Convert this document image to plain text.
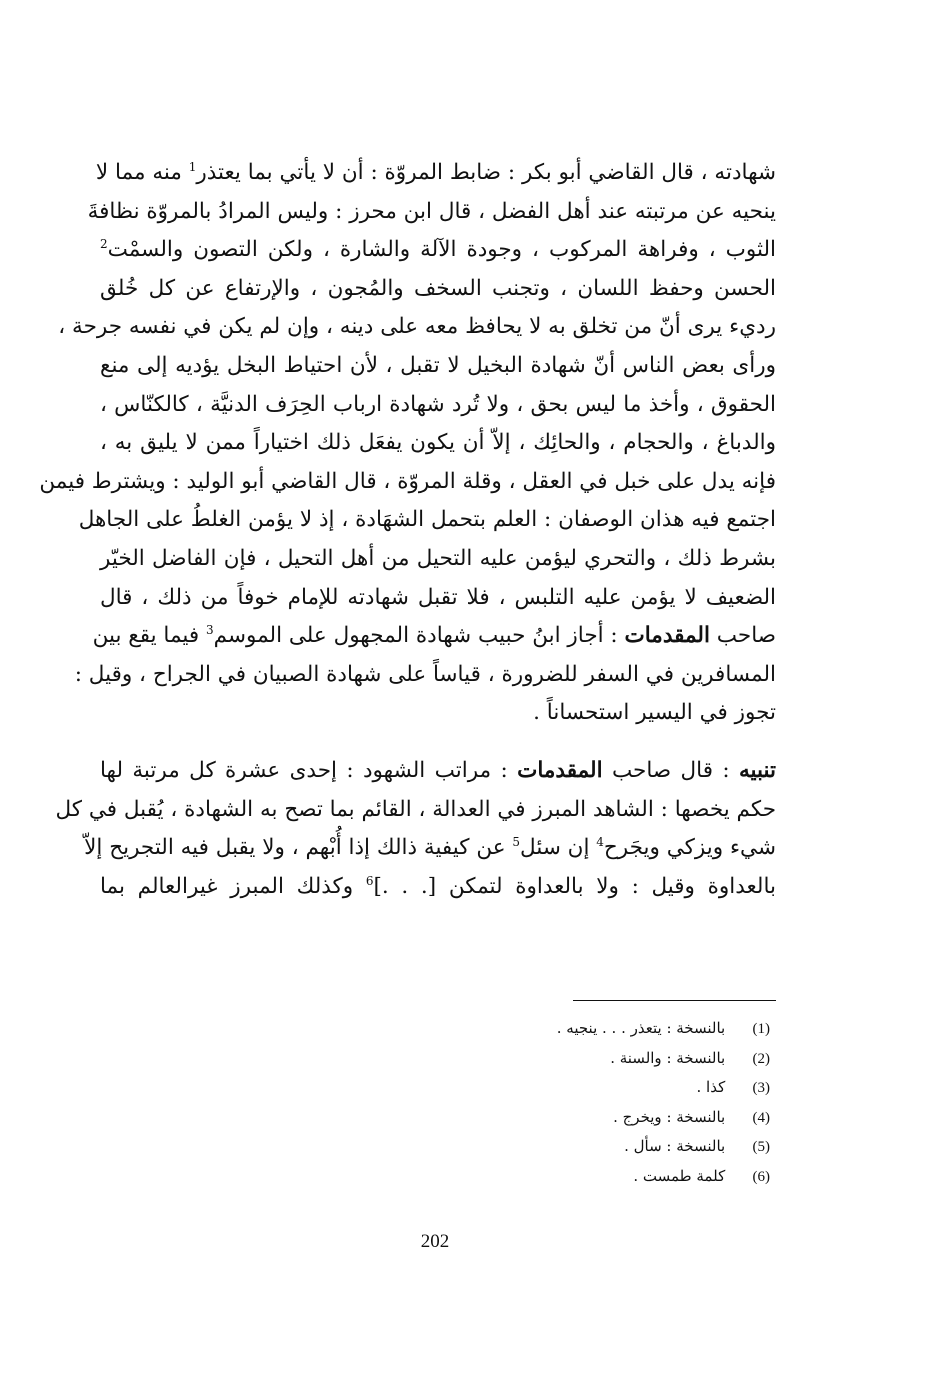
شهادته ، قال القاضي أبو بكر : ضابط المروّة : أن لا يأتي بما يعتذر$^1$ منه مما لا
ينحيه عن مرتبته عند أهل الفضل ، قال ابن محرز : وليس المرادُ بالمروّة نظافةَ
الثوب ، وفراهة المركوب ، وجودة الآلة والشارة ، ولكن التصون والسمْت$^2$
الحسن وحفظ اللسان ، وتجنب السخف والمُجون ، والإرتفاع عن كل خُلق
رديء يرى أنّ من تخلق به لا يحافظ معه على دينه ، وإن لم يكن في نفسه جرحة ،
ورأى بعض الناس أنّ شهادة البخيل لا تقبل ، لأن احتياط البخل يؤديه إلى منع
الحقوق ، وأخذ ما ليس بحق ، ولا تُرد شهادة ارباب الحِرَف الدنيَّة ، كالكنّاس ،
والدباغ ، والحجام ، والحائِك ، إلاّ أن يكون يفعَل ذلك اختياراً ممن لا يليق به ،
فإنه يدل على خبل في العقل ، وقلة المروّة ، قال القاضي أبو الوليد : ويشترط فيمن
اجتمع فيه هذان الوصفان : العلم بتحمل الشهَادة ، إذ لا يؤمن الغلطُ على الجاهل
بشرط ذلك ، والتحري ليؤمن عليه التحيل من أهل التحيل ، فإن الفاضل الخيّر
الضعيف لا يؤمن عليه التلبس ، فلا تقبل شهادته للإمام خوفاً من ذلك ، قال
صاحب المقدمات : أجاز ابنُ حبيب شهادة المجهول على الموسم$^3$ فيما يقع بين
المسافرين في السفر للضرورة ، قياساً على شهادة الصبيان في الجراح ، وقيل :
تجوز في اليسير استحساناً .
تنبيه : قال صاحب المقدمات : مراتب الشهود : إحدى عشرة كل مرتبة لها
حكم يخصها : الشاهد المبرز في العدالة ، القائم بما تصح به الشهادة ، يُقبل في كل
شيء ويزكي ويجَرح$^4$ إن سئل$^5$ عن كيفية ذالك إذا أُبْهم ، ولا يقبل فيه التجريح إلاّ
بالعداوة وقيل : ولا بالعداوة لتمكن [. . .]$^6$ وكذلك المبرز غيرالعالم بما
(1) بالنسخة : يتعذر . . . ينجيه .
(2) بالنسخة : والسنة .
(3) كذا .
(4) بالنسخة : ويخرج .
(5) بالنسخة : سأل .
(6) كلمة طمست .
202
